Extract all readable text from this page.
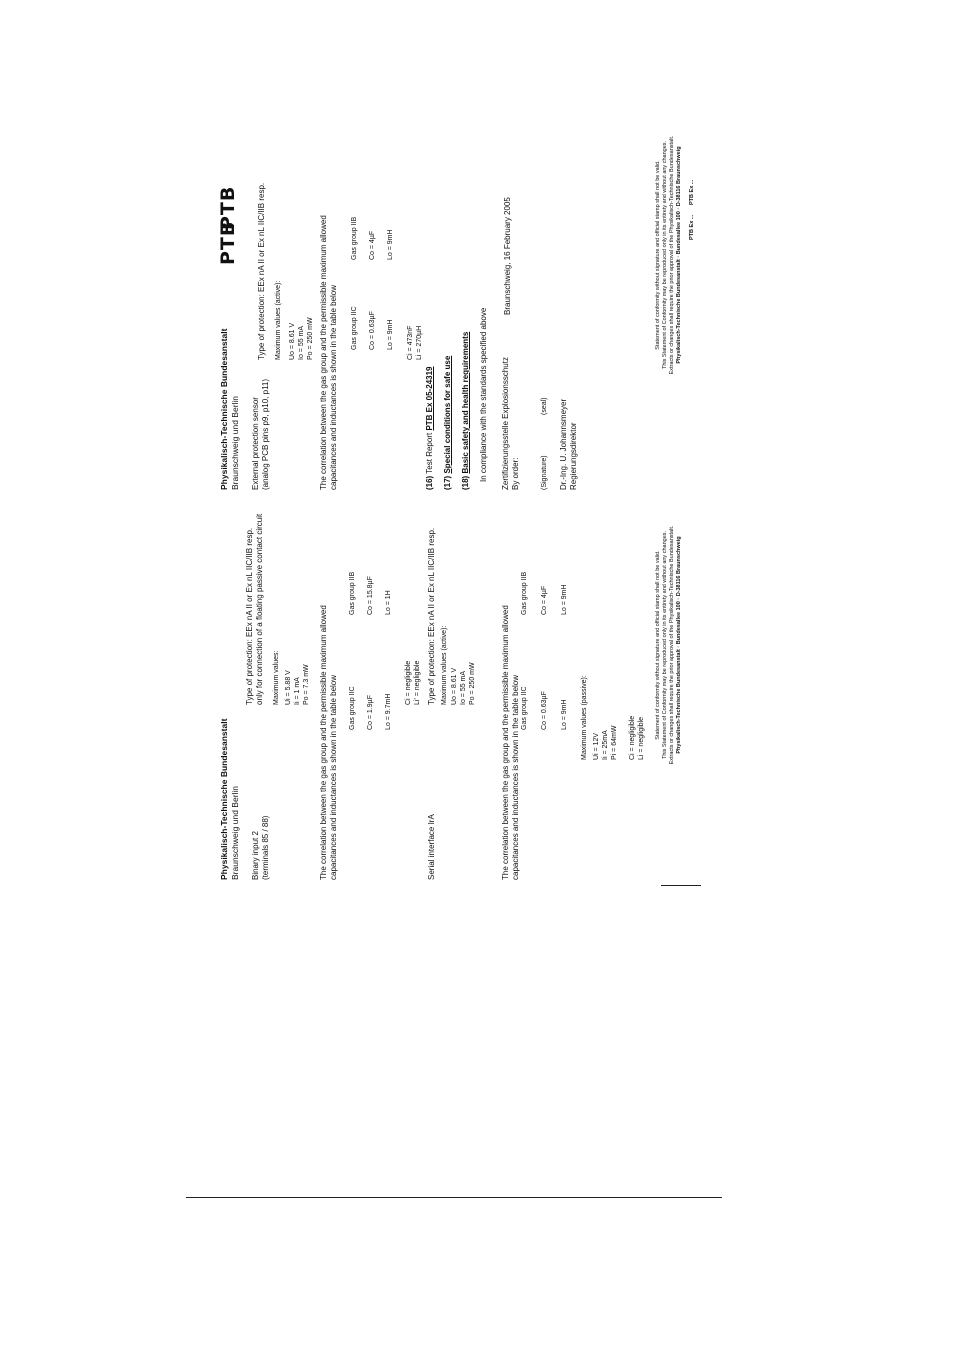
Physikalisch-Technische Bundesanstalt Braunschweig und Berlin
PTB
Binary input 2 (terminals 85 / 88)
Type of protection: EEx nA II or Ex nL IIC/IIB resp. only for connection of a floating passive contact circuit Maximum values: Ui = 5.88 V Ii = 1 mA Po = 7.3 mW The correlation between the gas group and the permissible maximum allowed capacitances and inductances is shown in the table below Gas group IIC
Gas group IIB
Co = 1.9µF
Co = 15.8µF
Lo = 9.7mH
Lo = 1H
Ci = negligible Li' = negligible
Serial interface IrA
Type of protection: EEx nA II or Ex nL IIC/IIB resp. Maximum values (active): Uo = 8.61 V Io = 55 mA Po = 250 mW	The correlation between the gas group and the permissible maximum allowed capacitances and inductances is shown in the table below Gas group IIC
Gas group IIB
Co = 0.63µF
Co = 4µF
Lo = 9mH
Lo = 9mH
Maximum values (passive): Ui = 12V Ii = 25mA Pi = 64mW Ci = negligible Li = negligible	Statement of conformity without signature and official stamp shall not be valid. This Statement of Conformity may be reproduced only in its entirety and without any changes. Extracts or changes shall require the prior approval of the Physikalisch-Technische Bundesanstalt. Physikalisch-Technische Bundesanstalt · Bundesallee 100 · D-38116 Braunschweig
PTB Ex ...
Physikalisch-Technische Bundesanstalt Braunschweig und Berlin
PTB
External protection sensor (analog PCB pins p9, p10, p11)
Type of protection: EEx nA II or Ex nL IIC/IIB resp. Maximum values (active): Uo = 8.61 V Io = 55 mA Po = 250 mW The correlation between the gas group and the permissible maximum allowed capacitances and inductances is shown in the table below Gas group IIC
Gas group IIB
Co = 0.63µF
Co = 4µF
Lo = 9mH
Lo = 9mH
Ci = 473nF Li = 270µH
(16) Test Report PTB Ex 05-24319
(17) Special conditions for safe use
(18) Basic safety and health requirements In compliance with the standards specified above Zertifizierungsstelle Explosionsschutz By order:
Braunschweig, 16 February 2005
(Signature)
(seal) Dr.-Ing. U. Johannsmeyer Regierungsdirektor
Statement of conformity without signature and official stamp shall not be valid. This Statement of Conformity may be reproduced only in its entirety and without any changes. Extracts or changes shall require the prior approval of the Physikalisch-Technische Bundesanstalt. Physikalisch-Technische Bundesanstalt · Bundesallee 100 · D-38116 Braunschweig PTB Ex ...
